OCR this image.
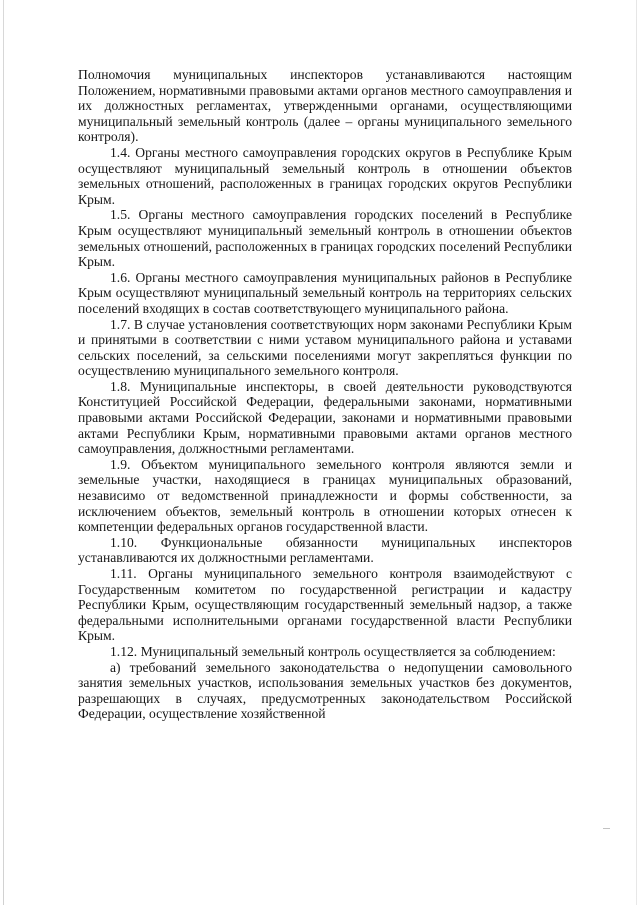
Полномочия муниципальных инспекторов устанавливаются настоящим Положением, нормативными правовыми актами органов местного самоуправления и их должностных регламентах, утвержденными органами, осуществляющими муниципальный земельный контроль (далее – органы муниципального земельного контроля).

1.4. Органы местного самоуправления городских округов в Республике Крым осуществляют муниципальный земельный контроль в отношении объектов земельных отношений, расположенных в границах городских округов Республики Крым.

1.5. Органы местного самоуправления городских поселений в Республике Крым осуществляют муниципальный земельный контроль в отношении объектов земельных отношений, расположенных в границах городских поселений Республики Крым.

1.6. Органы местного самоуправления муниципальных районов в Республике Крым осуществляют муниципальный земельный контроль на территориях сельских поселений входящих в состав соответствующего муниципального района.

1.7. В случае установления соответствующих норм законами Республики Крым и принятыми в соответствии с ними уставом муниципального района и уставами сельских поселений, за сельскими поселениями могут закрепляться функции по осуществлению муниципального земельного контроля.

1.8. Муниципальные инспекторы, в своей деятельности руководствуются Конституцией Российской Федерации, федеральными законами, нормативными правовыми актами Российской Федерации, законами и нормативными правовыми актами Республики Крым, нормативными правовыми актами органов местного самоуправления, должностными регламентами.

1.9. Объектом муниципального земельного контроля являются земли и земельные участки, находящиеся в границах муниципальных образований, независимо от ведомственной принадлежности и формы собственности, за исключением объектов, земельный контроль в отношении которых отнесен к компетенции федеральных органов государственной власти.

1.10. Функциональные обязанности муниципальных инспекторов устанавливаются их должностными регламентами.

1.11. Органы муниципального земельного контроля взаимодействуют с Государственным комитетом по государственной регистрации и кадастру Республики Крым, осуществляющим государственный земельный надзор, а также федеральными исполнительными органами государственной власти Республики Крым.

1.12. Муниципальный земельный контроль осуществляется за соблюдением:

а) требований земельного законодательства о недопущении самовольного занятия земельных участков, использования земельных участков без документов, разрешающих в случаях, предусмотренных законодательством Российской Федерации, осуществление хозяйственной
